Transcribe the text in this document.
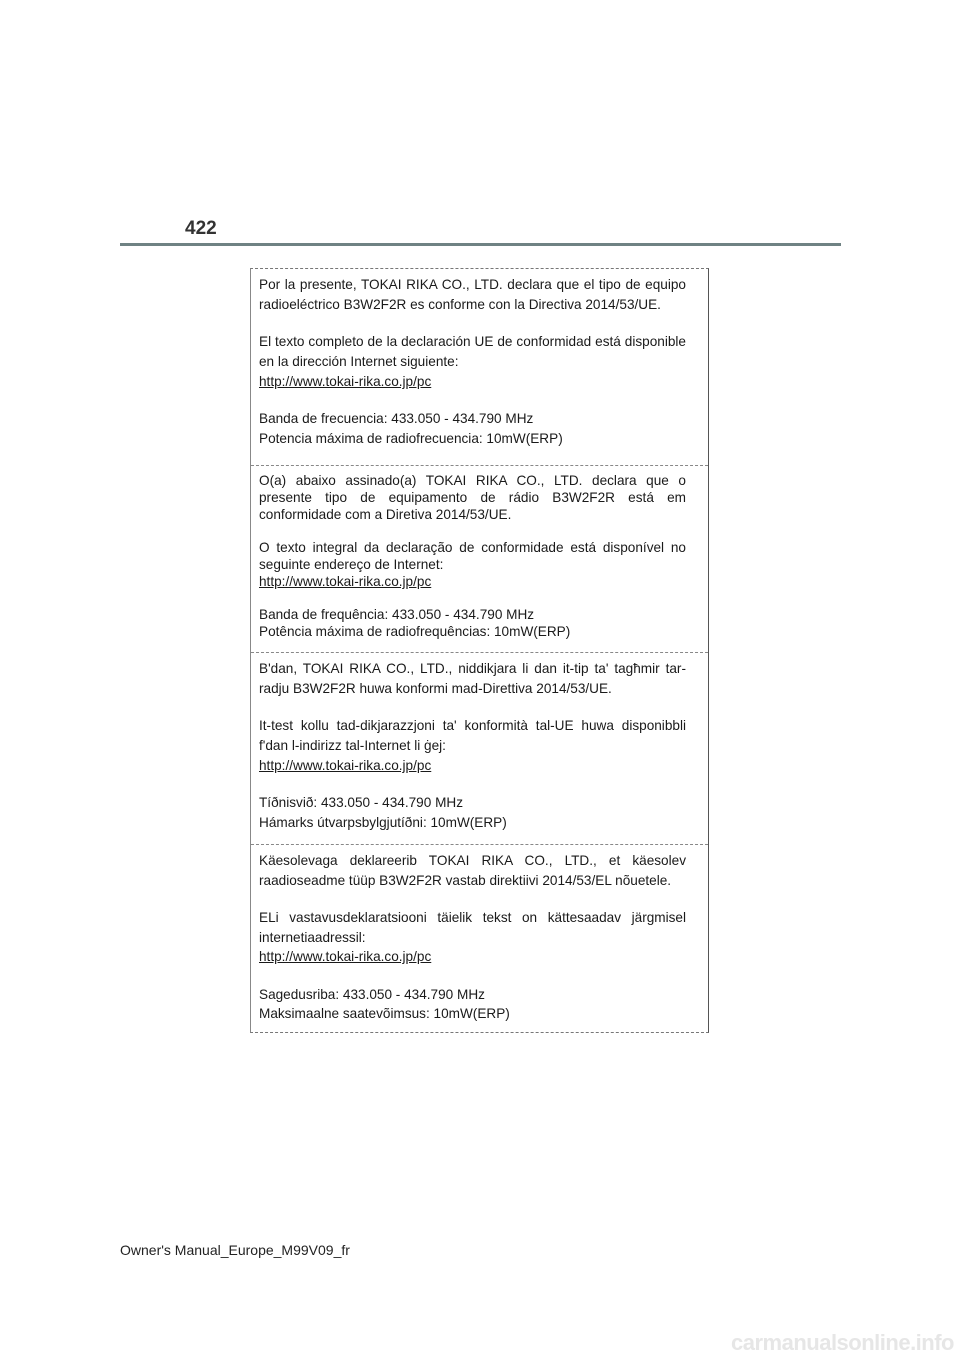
422

Por la presente, TOKAI RIKA CO., LTD. declara que el tipo de equipo radioeléctrico B3W2F2R es conforme con la Directiva 2014/53/UE.

El texto completo de la declaración UE de conformidad está disponible en la dirección Internet siguiente:
http://www.tokai-rika.co.jp/pc

Banda de frecuencia: 433.050 - 434.790 MHz
Potencia máxima de radiofrecuencia: 10mW(ERP)

O(a) abaixo assinado(a) TOKAI RIKA CO., LTD. declara que o presente tipo de equipamento de rádio B3W2F2R está em conformidade com a Diretiva 2014/53/UE.

O texto integral da declaração de conformidade está disponível no seguinte endereço de Internet:
http://www.tokai-rika.co.jp/pc

Banda de frequência: 433.050 - 434.790 MHz
Potência máxima de radiofrequências: 10mW(ERP)

B'dan, TOKAI RIKA CO., LTD., niddikjara li dan it-tip ta' tagħmir tar-radju B3W2F2R huwa konformi mad-Direttiva 2014/53/UE.

It-test kollu tad-dikjarazzjoni ta' konformità tal-UE huwa disponibbli f'dan l-indirizz tal-Internet li ġej:
http://www.tokai-rika.co.jp/pc

Tíðnisvið: 433.050 - 434.790 MHz
Hámarks útvarpsbylgjutíðni: 10mW(ERP)

Käesolevaga deklareerib TOKAI RIKA CO., LTD., et käesolev raadioseadme tüüp B3W2F2R vastab direktiivi 2014/53/EL nõuetele.

ELi vastavusdeklaratsiooni täielik tekst on kättesaadav järgmisel internetiaadressil:
http://www.tokai-rika.co.jp/pc

Sagedusriba: 433.050 - 434.790 MHz
Maksimaalne saatevõimsus: 10mW(ERP)

Owner's Manual_Europe_M99V09_fr
carmanualsonline.info
